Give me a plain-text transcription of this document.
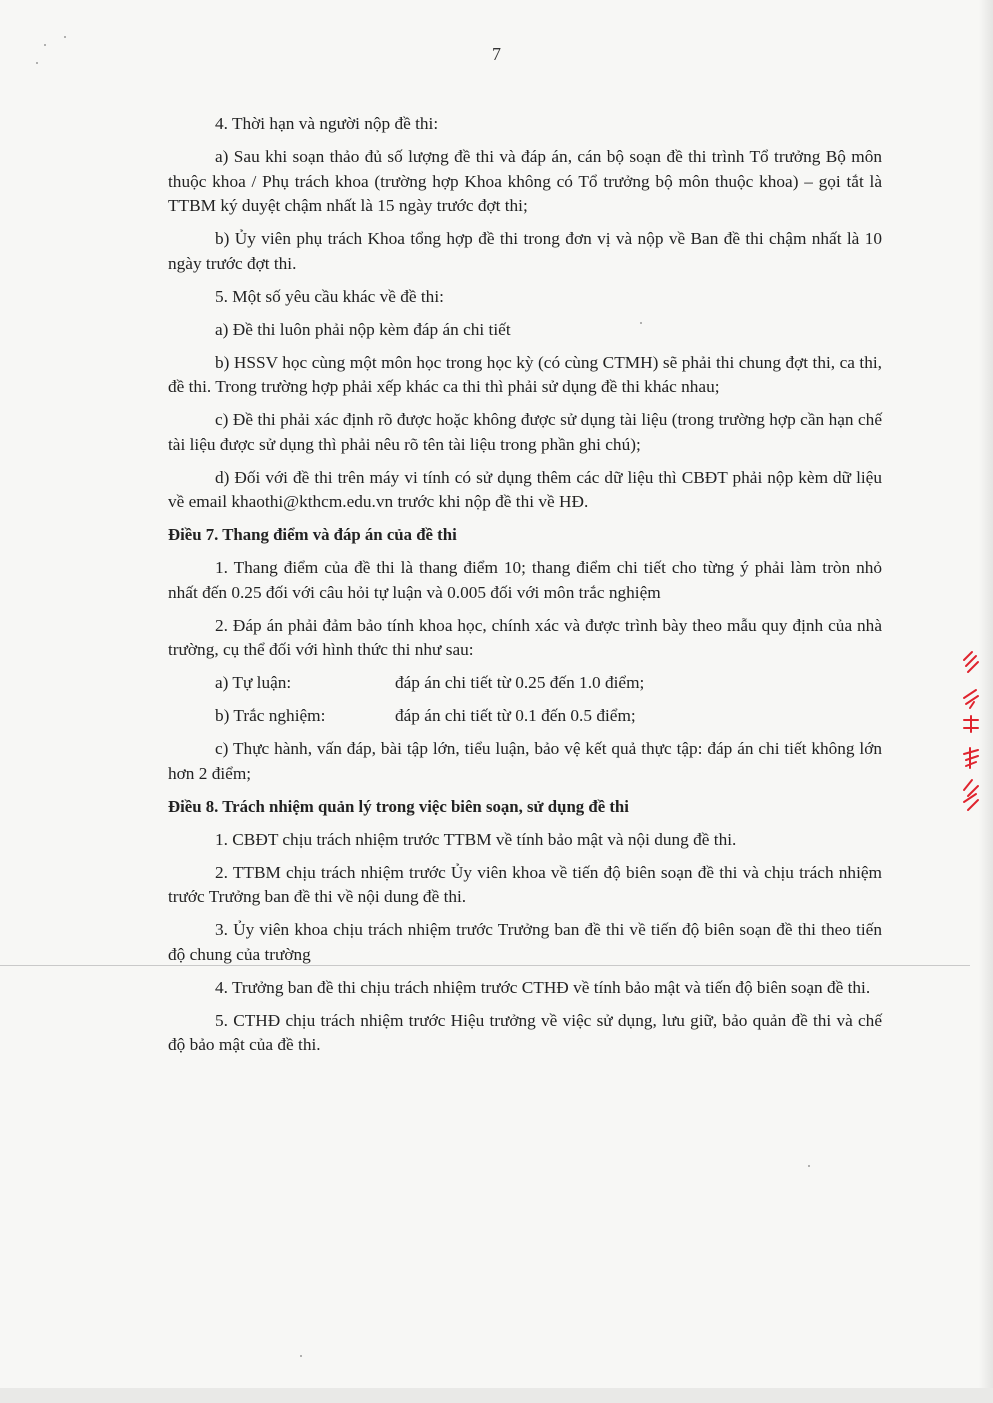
7

4. Thời hạn và người nộp đề thi:

a) Sau khi soạn thảo đủ số lượng đề thi và đáp án, cán bộ soạn đề thi trình Tổ trưởng Bộ môn thuộc khoa / Phụ trách khoa (trường hợp Khoa không có Tổ trưởng bộ môn thuộc khoa) – gọi tắt là TTBM ký duyệt chậm nhất là 15 ngày trước đợt thi;

b) Ủy viên phụ trách Khoa tổng hợp đề thi trong đơn vị và nộp về Ban đề thi chậm nhất là 10 ngày trước đợt thi.

5. Một số yêu cầu khác về đề thi:

a) Đề thi luôn phải nộp kèm đáp án chi tiết

b) HSSV học cùng một môn học trong học kỳ (có cùng CTMH) sẽ phải thi chung đợt thi, ca thi, đề thi. Trong trường hợp phải xếp khác ca thi thì phải sử dụng đề thi khác nhau;

c) Đề thi phải xác định rõ được hoặc không được sử dụng tài liệu (trong trường hợp cần hạn chế tài liệu được sử dụng thì phải nêu rõ tên tài liệu trong phần ghi chú);

d) Đối với đề thi trên máy vi tính có sử dụng thêm các dữ liệu thì CBĐT phải nộp kèm dữ liệu về email khaothi@kthcm.edu.vn trước khi nộp đề thi về HĐ.

Điều 7. Thang điểm và đáp án của đề thi

1. Thang điểm của đề thi là thang điểm 10; thang điểm chi tiết cho từng ý phải làm tròn nhỏ nhất đến 0.25 đối với câu hỏi tự luận và 0.005 đối với môn trắc nghiệm

2. Đáp án phải đảm bảo tính khoa học, chính xác và được trình bày theo mẫu quy định của nhà trường, cụ thể đối với hình thức thi như sau:

a) Tự luận:	đáp án chi tiết từ 0.25 đến 1.0 điểm;
b) Trắc nghiệm:	đáp án chi tiết từ 0.1 đến 0.5 điểm;

c) Thực hành, vấn đáp, bài tập lớn, tiểu luận, bảo vệ kết quả thực tập: đáp án chi tiết không lớn hơn 2 điểm;

Điều 8. Trách nhiệm quản lý trong việc biên soạn, sử dụng đề thi

1. CBĐT chịu trách nhiệm trước TTBM về tính bảo mật và nội dung đề thi.

2. TTBM chịu trách nhiệm trước Ủy viên khoa về tiến độ biên soạn đề thi và chịu trách nhiệm trước Trưởng ban đề thi về nội dung đề thi.

3. Ủy viên khoa chịu trách nhiệm trước Trưởng ban đề thi về tiến độ biên soạn đề thi theo tiến độ chung của trường

4. Trưởng ban đề thi chịu trách nhiệm trước CTHĐ về tính bảo mật và tiến độ biên soạn đề thi.

5. CTHĐ chịu trách nhiệm trước Hiệu trưởng về việc sử dụng, lưu giữ, bảo quản đề thi và chế độ bảo mật của đề thi.
